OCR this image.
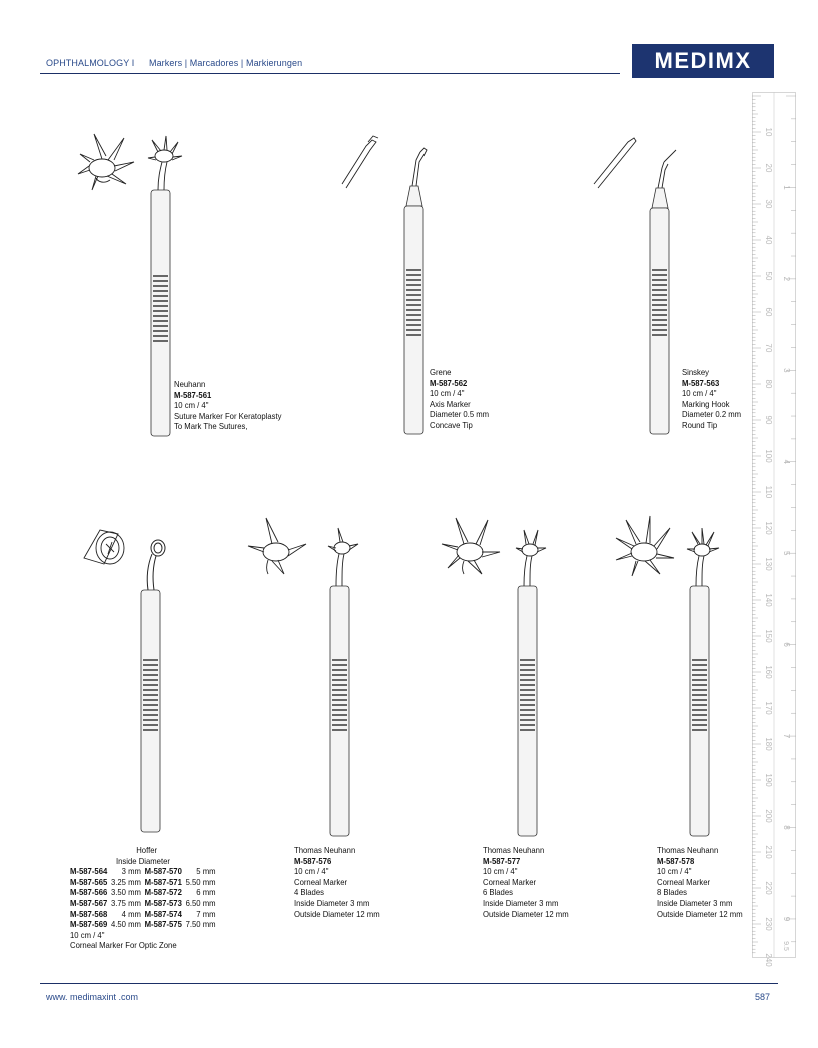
OPHTHALMOLOGY I Markers | Marcadores | Markierungen	MEDIMX
10
20
30
40
50
60
70
80
90
100
110
120
130
140
150
160
170
180
190
200
210
220
230
240
1
2
3
4
5
6
7
8
9
9.5
Neuhann
M-587-561
10 cm / 4"
Suture Marker For Keratoplasty
To Mark The Sutures,
Grene
M-587-562
10 cm / 4"
Axis Marker
Diameter 0.5 mm
Concave Tip
Sinskey
M-587-563
10 cm / 4"
Marking Hook
Diameter 0.2 mm
Round Tip
Hoffer
Inside Diameter
M-587-564	3 mm	M-587-570	5 mm
M-587-565	3.25 mm	M-587-571	5.50 mm
M-587-566	3.50 mm	M-587-572	6 mm
M-587-567	3.75 mm	M-587-573	6.50 mm
M-587-568	4 mm	M-587-574	7 mm
M-587-569	4.50 mm	M-587-575	7.50 mm
10 cm / 4"
Corneal Marker For Optic Zone
Thomas Neuhann
M-587-576
10 cm / 4"
Corneal Marker
4 Blades
Inside Diameter 3 mm
Outside Diameter 12 mm
Thomas Neuhann
M-587-577
10 cm / 4"
Corneal Marker
6 Blades
Inside Diameter 3 mm
Outside Diameter 12 mm
Thomas Neuhann
M-587-578
10 cm / 4"
Corneal Marker
8 Blades
Inside Diameter 3 mm
Outside Diameter 12 mm
www. medimaxint .com	587
